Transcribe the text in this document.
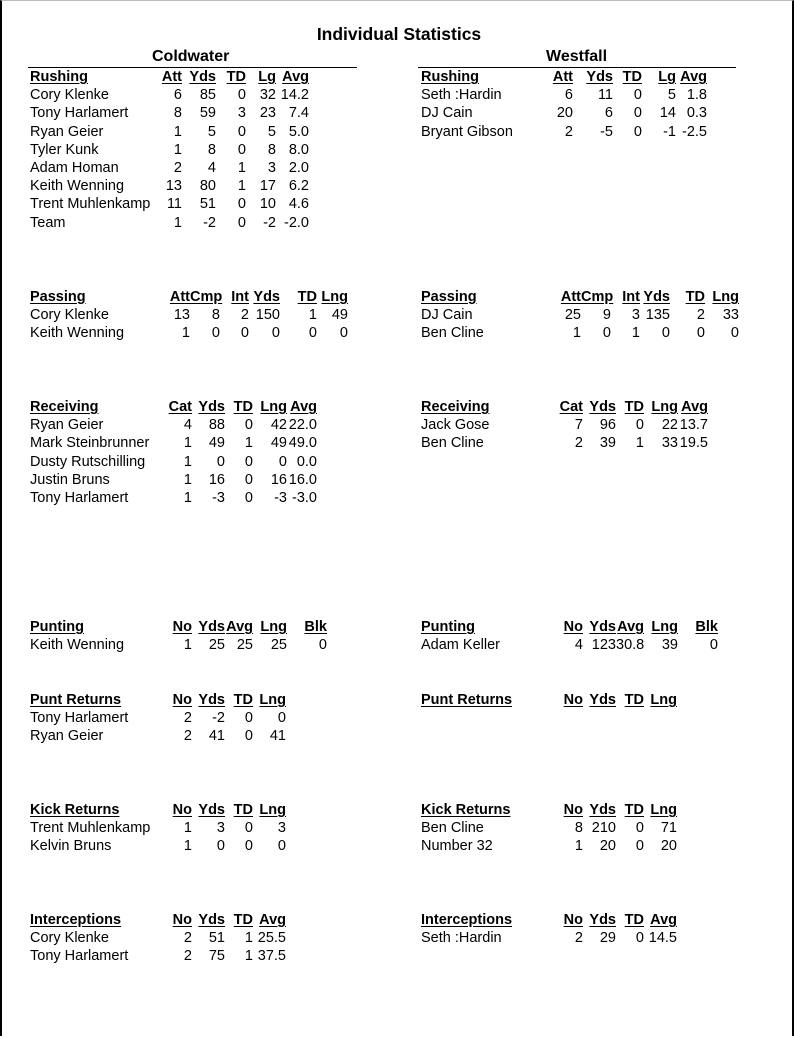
Individual Statistics
Coldwater	Westfall
Rushing	Att	Yds	TD	Lg	Avg
Cory Klenke	6	85	0	32	14.2
Tony Harlamert	8	59	3	23	7.4
Ryan Geier	1	5	0	5	5.0
Tyler Kunk	1	8	0	8	8.0
Adam Homan	2	4	1	3	2.0
Keith Wenning	13	80	1	17	6.2
Trent Muhlenkamp	11	51	0	10	4.6
Team	1	-2	0	-2	-2.0
Rushing	Att	Yds	TD	Lg	Avg
Seth :Hardin	6	11	0	5	1.8
DJ Cain	20	6	0	14	0.3
Bryant Gibson	2	-5	0	-1	-2.5
Passing	Att	Cmp	Int	Yds	TD	Lng
Cory Klenke	13	8	2	150	1	49
Keith Wenning	1	0	0	0	0	0
Passing	Att	Cmp	Int	Yds	TD	Lng
DJ Cain	25	9	3	135	2	33
Ben Cline	1	0	1	0	0	0
Receiving	Cat	Yds	TD	Lng	Avg
Ryan Geier	4	88	0	42	22.0
Mark Steinbrunner	1	49	1	49	49.0
Dusty Rutschilling	1	0	0	0	0.0
Justin Bruns	1	16	0	16	16.0
Tony Harlamert	1	-3	0	-3	-3.0
Receiving	Cat	Yds	TD	Lng	Avg
Jack Gose	7	96	0	22	13.7
Ben Cline	2	39	1	33	19.5
Punting	No	Yds	Avg	Lng	Blk
Keith Wenning	1	25	25	25	0
Punting	No	Yds	Avg	Lng	Blk
Adam Keller	4	123	30.8	39	0
Punt Returns	No	Yds	TD	Lng
Tony Harlamert	2	-2	0	0
Ryan Geier	2	41	0	41
Punt Returns	No	Yds	TD	Lng
Kick Returns	No	Yds	TD	Lng
Trent Muhlenkamp	1	3	0	3
Kelvin Bruns	1	0	0	0
Kick Returns	No	Yds	TD	Lng
Ben Cline	8	210	0	71
Number 32	1	20	0	20
Interceptions	No	Yds	TD	Avg
Cory Klenke	2	51	1	25.5
Tony Harlamert	2	75	1	37.5
Interceptions	No	Yds	TD	Avg
Seth :Hardin	2	29	0	14.5
